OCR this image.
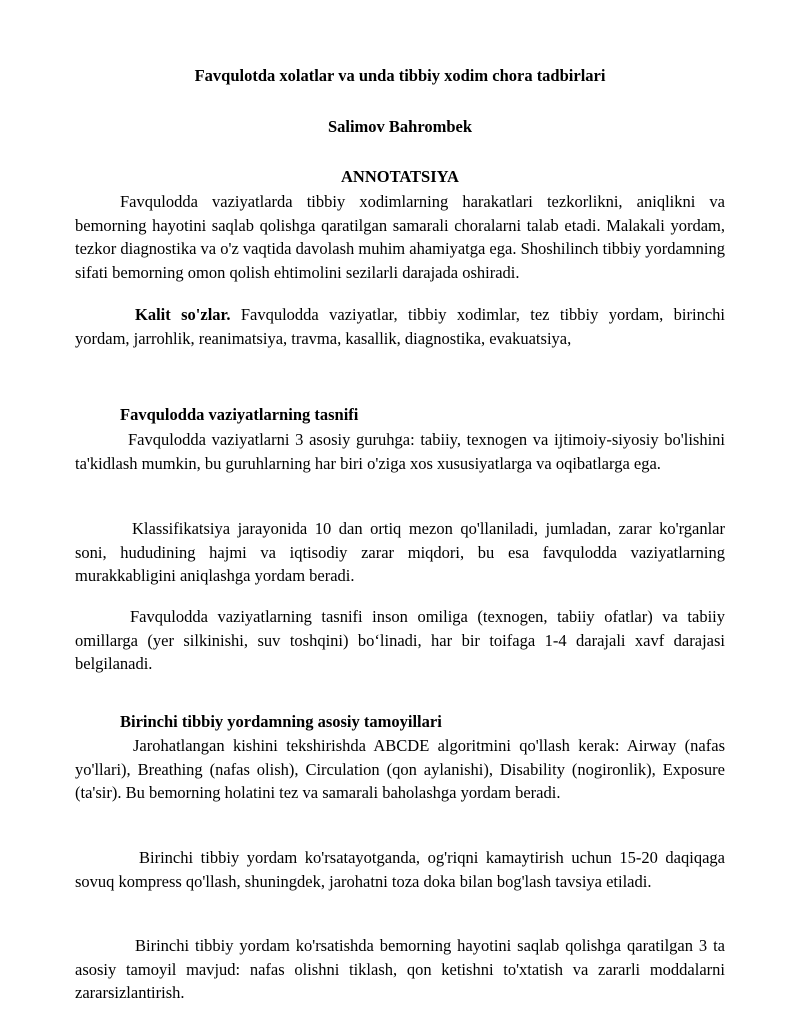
Favqulotda xolatlar va unda tibbiy xodim chora tadbirlari
Salimov Bahrombek
ANNOTATSIYA
Favqulodda vaziyatlarda tibbiy xodimlarning harakatlari tezkorlikni, aniqlikni va bemorning hayotini saqlab qolishga qaratilgan samarali choralarni talab etadi. Malakali yordam, tezkor diagnostika va o'z vaqtida davolash muhim ahamiyatga ega. Shoshilinch tibbiy yordamning sifati bemorning omon qolish ehtimolini sezilarli darajada oshiradi.
Kalit so'zlar. Favqulodda vaziyatlar, tibbiy xodimlar, tez tibbiy yordam, birinchi yordam, jarrohlik, reanimatsiya, travma, kasallik, diagnostika, evakuatsiya,
Favqulodda vaziyatlarning tasnifi
Favqulodda vaziyatlarni 3 asosiy guruhga: tabiiy, texnogen va ijtimoiy-siyosiy bo'lishini ta'kidlash mumkin, bu guruhlarning har biri o'ziga xos xususiyatlarga va oqibatlarga ega.
Klassifikatsiya jarayonida 10 dan ortiq mezon qo'llaniladi, jumladan, zarar ko'rganlar soni, hududining hajmi va iqtisodiy zarar miqdori, bu esa favqulodda vaziyatlarning murakkabligini aniqlashga yordam beradi.
Favqulodda vaziyatlarning tasnifi inson omiliga (texnogen, tabiiy ofatlar) va tabiiy omillarga (yer silkinishi, suv toshqini) bo‘linadi, har bir toifaga 1-4 darajali xavf darajasi belgilanadi.
Birinchi tibbiy yordamning asosiy tamoyillari
Jarohatlangan kishini tekshirishda ABCDE algoritmini qo'llash kerak: Airway (nafas yo'llari), Breathing (nafas olish), Circulation (qon aylanishi), Disability (nogironlik), Exposure (ta'sir). Bu bemorning holatini tez va samarali baholashga yordam beradi.
Birinchi tibbiy yordam ko'rsatayotganda, og'riqni kamaytirish uchun 15-20 daqiqaga sovuq kompress qo'llash, shuningdek, jarohatni toza doka bilan bog'lash tavsiya etiladi.
Birinchi tibbiy yordam ko'rsatishda bemorning hayotini saqlab qolishga qaratilgan 3 ta asosiy tamoyil mavjud: nafas olishni tiklash, qon ketishni to'xtatish va zararli moddalarni zararsizlantirish.
